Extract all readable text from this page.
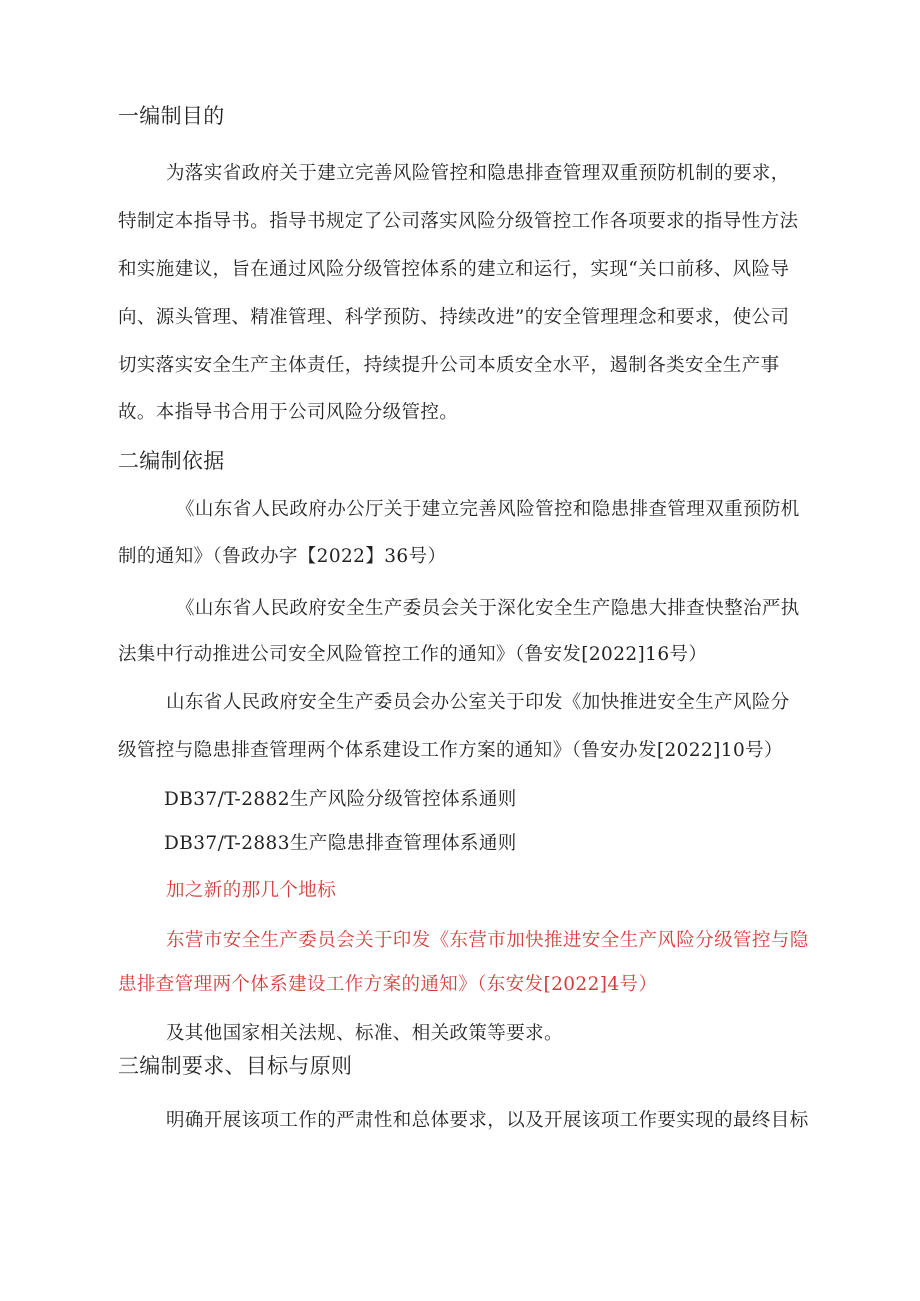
一编制目的
为落实省政府关于建立完善风险管控和隐患排查管理双重预防机制的要求，
特制定本指导书。指导书规定了公司落实风险分级管控工作各项要求的指导性方法
和实施建议，旨在通过风险分级管控体系的建立和运行，实现“关口前移、风险导
向、源头管理、精准管理、科学预防、持续改进”的安全管理理念和要求，使公司
切实落实安全生产主体责任，持续提升公司本质安全水平，遏制各类安全生产事
故。本指导书合用于公司风险分级管控。
二编制依据
《山东省人民政府办公厅关于建立完善风险管控和隐患排查管理双重预防机
制的通知》（鲁政办字【2022】36号）
《山东省人民政府安全生产委员会关于深化安全生产隐患大排查快整治严执
法集中行动推进公司安全风险管控工作的通知》（鲁安发[2022]16号）
山东省人民政府安全生产委员会办公室关于印发《加快推进安全生产风险分
级管控与隐患排查管理两个体系建设工作方案的通知》（鲁安办发[2022]10号）
DB37/T-2882生产风险分级管控体系通则
DB37/T-2883生产隐患排查管理体系通则
加之新的那几个地标
东营市安全生产委员会关于印发《东营市加快推进安全生产风险分级管控与隐
患排查管理两个体系建设工作方案的通知》（东安发[2022]4号）
及其他国家相关法规、标准、相关政策等要求。
三编制要求、目标与原则
明确开展该项工作的严肃性和总体要求，以及开展该项工作要实现的最终目标
